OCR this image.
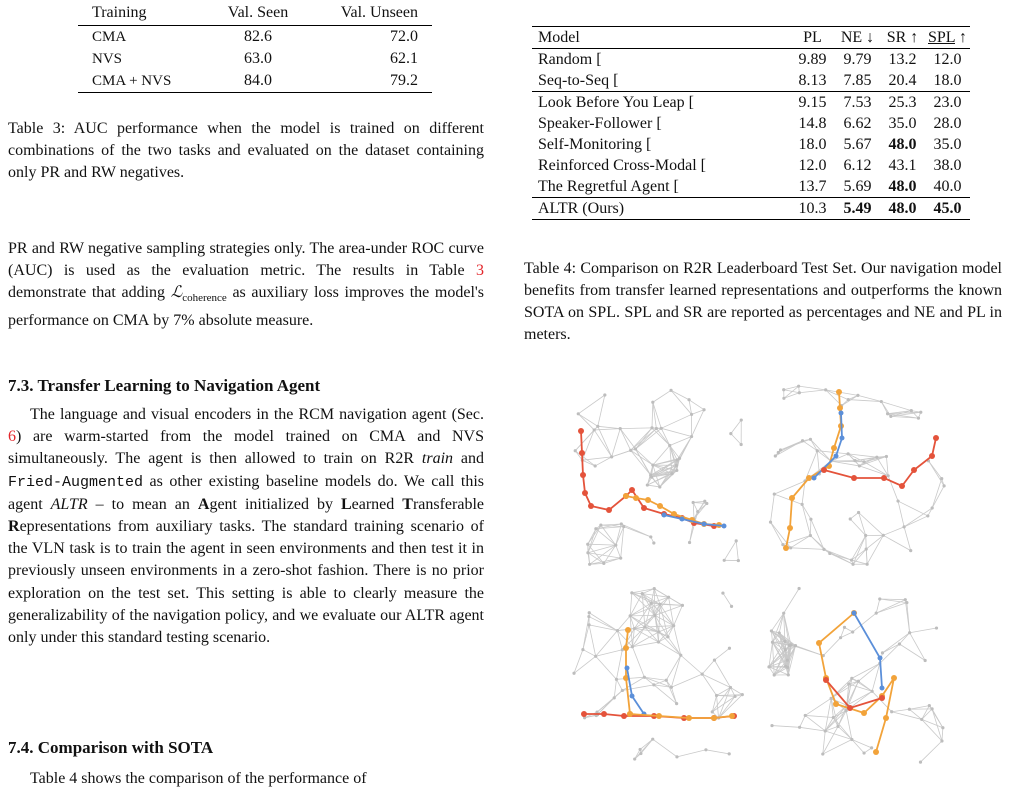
Training	Val. Seen	Val. Unseen
CMA	82.6	72.0
NVS	63.0	62.1
CMA + NVS	84.0	79.2
Table 3: AUC performance when the model is trained on different combinations of the two tasks and evaluated on the dataset containing only PR and RW negatives.

PR and RW negative sampling strategies only. The area-under ROC curve (AUC) is used as the evaluation metric. The results in Table 3 demonstrate that adding ℒ$_{coherence}$ as auxiliary loss improves the model's performance on CMA by 7% absolute measure.

7.3. Transfer Learning to Navigation Agent

The language and visual encoders in the RCM navigation agent (Sec. 6) are warm-started from the model trained on CMA and NVS simultaneously. The agent is then allowed to train on R2R train and Fried-Augmented as other existing baseline models do. We call this agent ALTR – to mean an Agent initialized by Learned Transferable Representations from auxiliary tasks. The standard training scenario of the VLN task is to train the agent in seen environments and then test it in previously unseen environments in a zero-shot fashion. There is no prior exploration on the test set. This setting is able to clearly measure the generalizability of the navigation policy, and we evaluate our ALTR agent only under this standard testing scenario.

7.4. Comparison with SOTA

Table 4 shows the comparison of the performance of

Model	PL	NE ↓	SR ↑	SPL ↑
Random [	9.89	9.79	13.2	12.0
Seq-to-Seq [	8.13	7.85	20.4	18.0
Look Before You Leap [	9.15	7.53	25.3	23.0
Speaker-Follower [	14.8	6.62	35.0	28.0
Self-Monitoring [	18.0	5.67	48.0	35.0
Reinforced Cross-Modal [	12.0	6.12	43.1	38.0
The Regretful Agent [	13.7	5.69	48.0	40.0
ALTR (Ours)	10.3	5.49	48.0	45.0
Table 4: Comparison on R2R Leaderboard Test Set. Our navigation model benefits from transfer learned representations and outperforms the known SOTA on SPL. SPL and SR are reported as percentages and NE and PL in meters.
